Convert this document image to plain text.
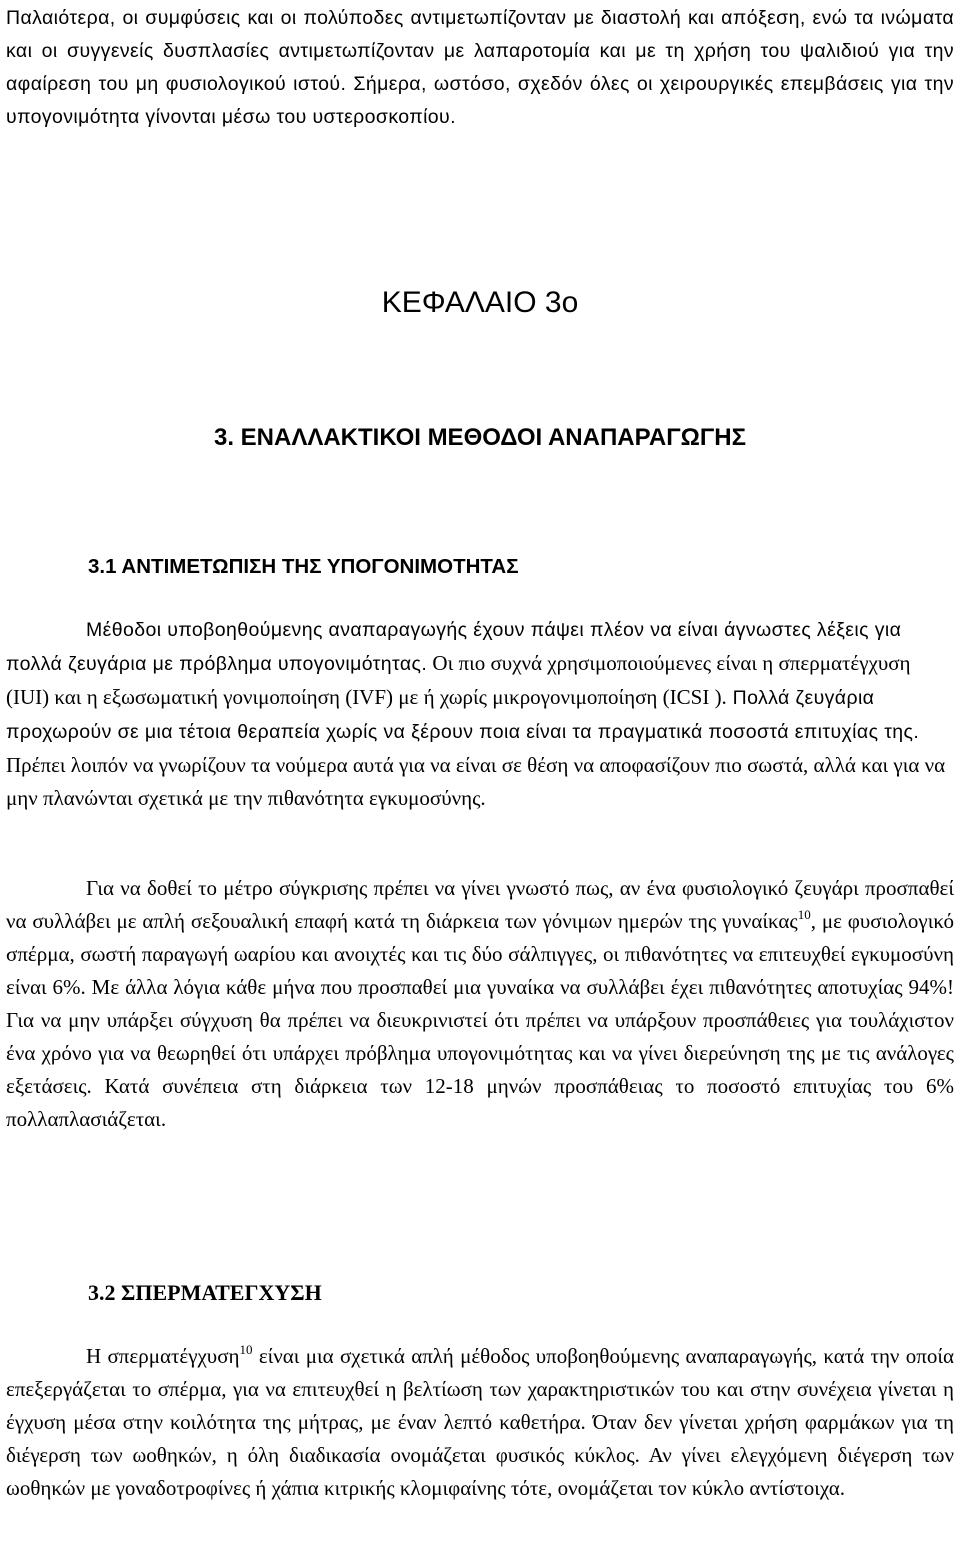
Παλαιότερα, οι συμφύσεις και οι πολύποδες αντιμετωπίζονταν με διαστολή και απόξεση, ενώ τα ινώματα και οι συγγενείς δυσπλασίες αντιμετωπίζονταν με λαπαροτομία και με τη χρήση του ψαλιδιού για την αφαίρεση του μη φυσιολογικού ιστού. Σήμερα, ωστόσο, σχεδόν όλες οι χειρουργικές επεμβάσεις για την υπογονιμότητα γίνονται μέσω του υστεροσκοπίου.

ΚΕΦΑΛΑΙΟ 3ο
3. ΕΝΑΛΛΑΚΤΙΚΟΙ ΜΕΘΟΔΟΙ ΑΝΑΠΑΡΑΓΩΓΗΣ
3.1 ΑΝΤΙΜΕΤΩΠΙΣΗ ΤΗΣ ΥΠΟΓΟΝΙΜΟΤΗΤΑΣ

Μέθοδοι υποβοηθούμενης αναπαραγωγής έχουν πάψει πλέον να είναι άγνωστες λέξεις για πολλά ζευγάρια με πρόβλημα υπογονιμότητας. Οι πιο συχνά χρησιμοποιούμενες είναι η σπερματέγχυση (IUI) και η εξωσωματική γονιμοποίηση (IVF) με ή χωρίς μικρογονιμοποίηση (ICSI ). Πολλά ζευγάρια προχωρούν σε μια τέτοια θεραπεία χωρίς να ξέρουν ποια είναι τα πραγματικά ποσοστά επιτυχίας της. Πρέπει λοιπόν να γνωρίζουν τα νούμερα αυτά για να είναι σε θέση να αποφασίζουν πιο σωστά, αλλά και για να μην πλανώνται σχετικά με την πιθανότητα εγκυμοσύνης.

Για να δοθεί το μέτρο σύγκρισης πρέπει να γίνει γνωστό πως, αν ένα φυσιολογικό ζευγάρι προσπαθεί να συλλάβει με απλή σεξουαλική επαφή κατά τη διάρκεια των γόνιμων ημερών της γυναίκας$^{10}$, με φυσιολογικό σπέρμα, σωστή παραγωγή ωαρίου και ανοιχτές και τις δύο σάλπιγγες, οι πιθανότητες να επιτευχθεί εγκυμοσύνη είναι 6%. Με άλλα λόγια κάθε μήνα που προσπαθεί μια γυναίκα να συλλάβει έχει πιθανότητες αποτυχίας 94%! Για να μην υπάρξει σύγχυση θα πρέπει να διευκρινιστεί ότι πρέπει να υπάρξουν προσπάθειες για τουλάχιστον ένα χρόνο για να θεωρηθεί ότι υπάρχει πρόβλημα υπογονιμότητας και να γίνει διερεύνηση της με τις ανάλογες εξετάσεις. Κατά συνέπεια στη διάρκεια των 12-18 μηνών προσπάθειας το ποσοστό επιτυχίας του 6% πολλαπλασιάζεται.

3.2 ΣΠΕΡΜΑΤΕΓΧΥΣΗ

Η σπερματέγχυση$^{10}$ είναι μια σχετικά απλή μέθοδος υποβοηθούμενης αναπαραγωγής, κατά την οποία επεξεργάζεται το σπέρμα, για να επιτευχθεί η βελτίωση των χαρακτηριστικών του και στην συνέχεια γίνεται η έγχυση μέσα στην κοιλότητα της μήτρας, με έναν λεπτό καθετήρα. Όταν δεν γίνεται χρήση φαρμάκων για τη διέγερση των ωοθηκών, η όλη διαδικασία ονομάζεται φυσικός κύκλος. Αν γίνει ελεγχόμενη διέγερση των ωοθηκών με γοναδοτροφίνες ή χάπια κιτρικής κλομιφαίνης τότε, ονομάζεται τον κύκλο αντίστοιχα.
